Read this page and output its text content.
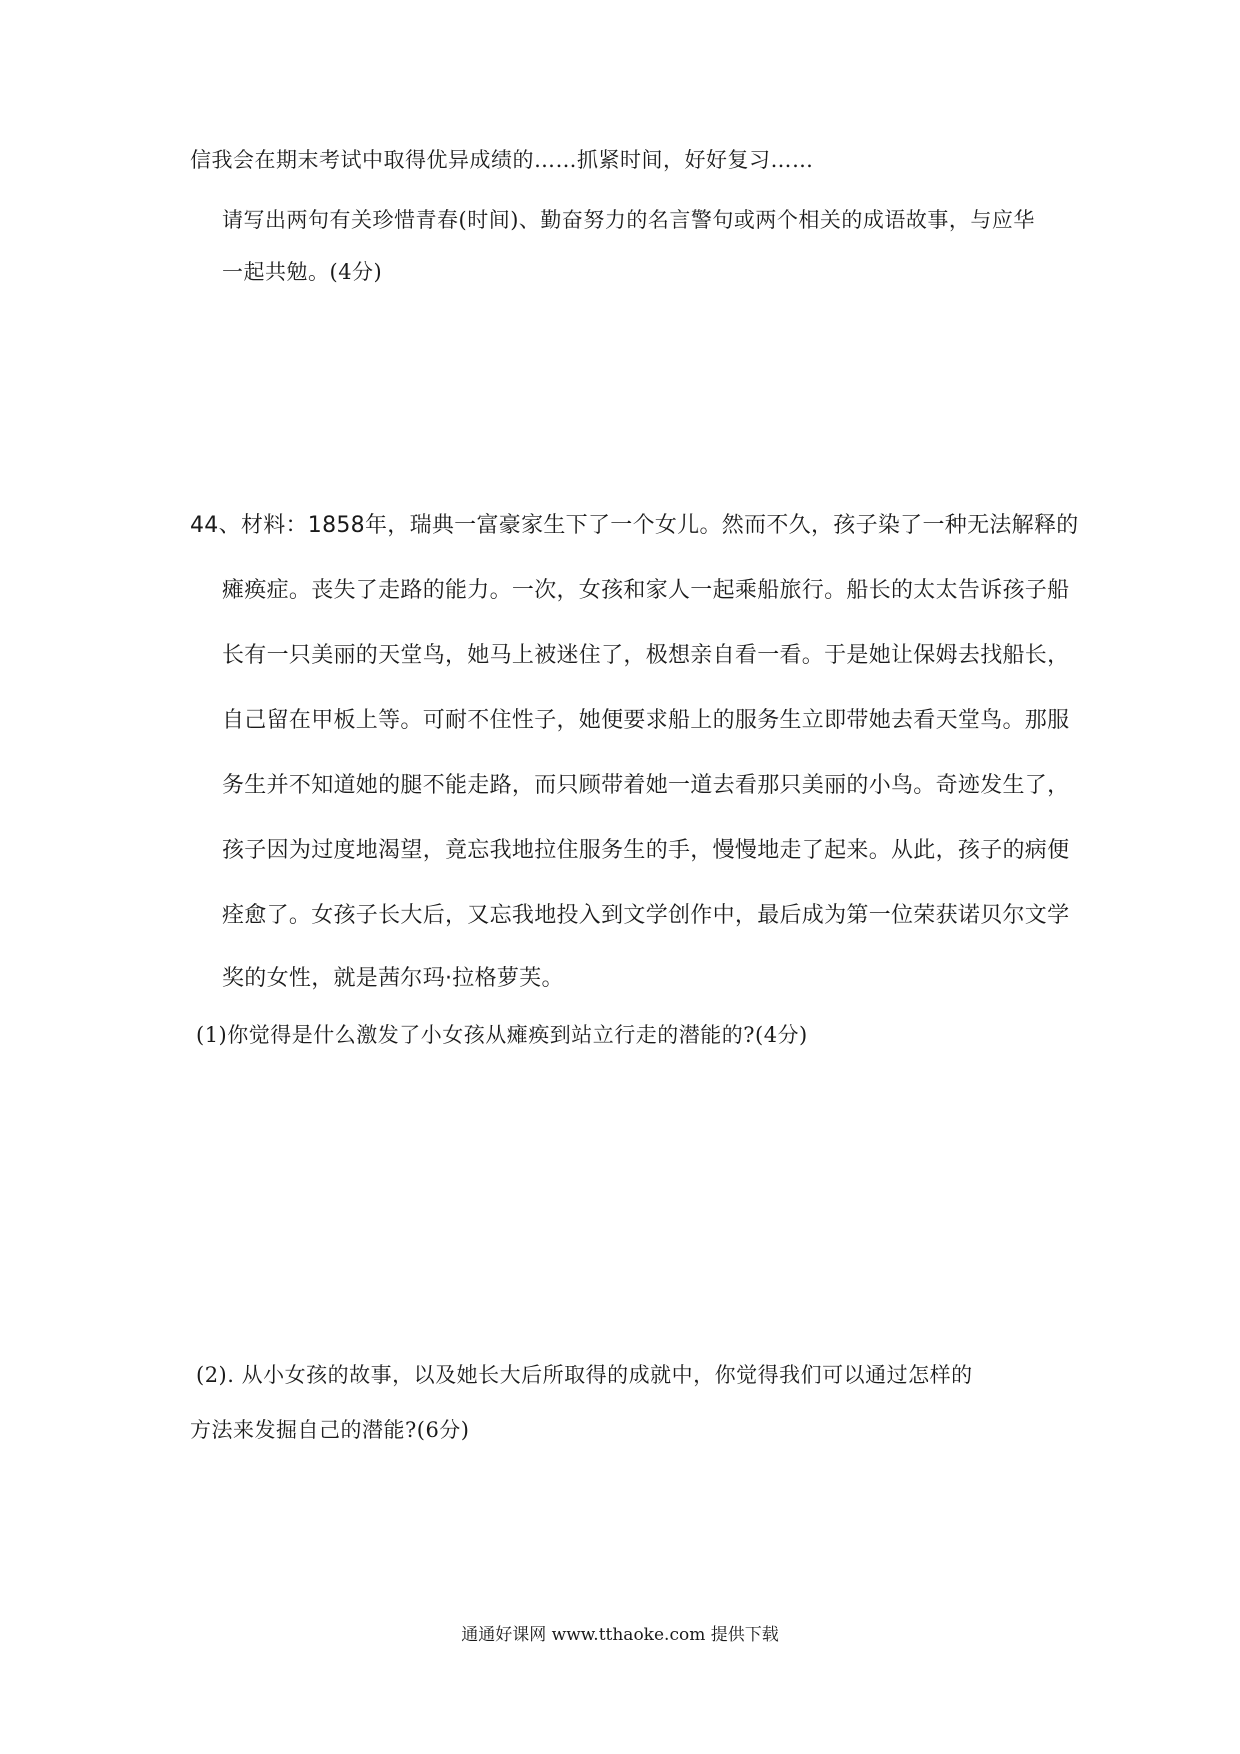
信我会在期末考试中取得优异成绩的……抓紧时间，好好复习……
请写出两句有关珍惜青春(时间)、勤奋努力的名言警句或两个相关的成语故事，与应华
一起共勉。(4分)
44、材料：1858年，瑞典一富豪家生下了一个女儿。然而不久，孩子染了一种无法解释的
瘫痪症。丧失了走路的能力。一次，女孩和家人一起乘船旅行。船长的太太告诉孩子船
长有一只美丽的天堂鸟，她马上被迷住了，极想亲自看一看。于是她让保姆去找船长，
自己留在甲板上等。可耐不住性子，她便要求船上的服务生立即带她去看天堂鸟。那服
务生并不知道她的腿不能走路，而只顾带着她一道去看那只美丽的小鸟。奇迹发生了，
孩子因为过度地渴望，竟忘我地拉住服务生的手，慢慢地走了起来。从此，孩子的病便
痊愈了。女孩子长大后，又忘我地投入到文学创作中，最后成为第一位荣获诺贝尔文学
奖的女性，就是茜尔玛·拉格萝芙。
(1)你觉得是什么激发了小女孩从瘫痪到站立行走的潜能的?(4分)
(2). 从小女孩的故事，以及她长大后所取得的成就中，你觉得我们可以通过怎样的
方法来发掘自己的潜能?(6分)
通通好课网 www.tthaoke.com 提供下载
